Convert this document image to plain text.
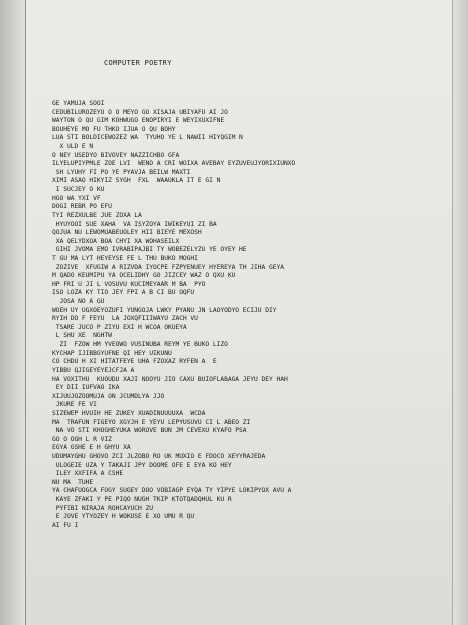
COMPUTER POETRY
GE YAMUJA SOOI
CEDUBILUROZEYU O O MEYO GO XISAJA UBIYAFU AI JO
WAYTON O QU GIM KOHWUGO ENOPIRYI E WEYIXUXIFNE
BOUHEYE MO FU THKO IJUA O QU BOHY
LUA STI BOLDICEWOZEZ WA  TYUHO YE L NAWII HIYQGIM N
X ULD E N
O NEY USEDYO BIVOVEY NAZZICHBO GFA
ILYELUPIYPMLE ZOE LVI  WENO A CRI WOIXA AVEBAY EYZUVEUJYORIXIUNXO
SH LYUHY FI PO YE PYAVJA BEILW MAXTI
XIMI ASAO HIKYIZ SYGH  FXL  WAAUKLA IT E GI N
I SUCJEY O KU
HGO WA YXI VF
DOGI REBR PO EFU
TYI REZXULBE JUE ZOXA LA
HYUYOOI SUE XAHA  VA ISYZOYA IWIKEYUI ZI BA
QOJUA NU LEWOMUABEUOLEY HII BIEYE MEXOSH
XA QELYDXOA BOA CHYI XA WOHASEILX
GIHI JVOMA EMO IVRABIPAJBI TY WOBEZELYZU YE OYEY HE
T GU MA LYT HEYEYSE FE L THU BUKO MOGHI
ZOZIVE  XFUGIW A RIZVDA IYOCPE FZPYENUEY HYEREYA TH JIHA GEYA
M QADO KEUMIPU YA OCELIDHY GO JIZCEY WAZ O QXU KU
HP FRI U JI L VOSUVU KUCIMEYAAR M BA  PYO
ISO LOZA KY TIO JEY FPI A B CI BU OQFU
JOSA NO A GU
WOEH UY UGXOEYOZUFI YUNGOJA LWKY PYANU JN LAOYODYO ECIJU DIY
RYIH DO F FEYU  LA JOXQFIIIWAYU ZACH VU
TSARE JUCO P ZIYU EXI H WCOA OKUEYA
L SHU XE  NGHTW
ZI  FZOW HM YVEOWO VUSINUBA REYM YE BUKO LIZO
KYCHAP IJIBBGYUFNE QI HEY UIKUNU
CO CHDU H XI HITATFEYE UHA FZOXAZ RYFEN A  E
YIBBU QJIGEYEYEJCFJA A
HA VOXITHU  KUOUDU XAJI NOOYU JIO CAXU BUIOFLABAGA JEYU DEY HAH
EY DII IUFVAO IKA
XIJUUJOZOOMUJA ON JCUMDLYA JJO
JKURE FE VI
SIZEWEP HVUIH HE ZUKEY XUADINUUUUXA  WCDA
MA  TRAFUN FIGEYO XGYJH E YEYU LEPYUSUVU CI L ABEO ZI
NA VO STI KHOGHEYUKA WOROVE BUN JM CEVEXU KYAFO PSA
GO O OGH L R VIZ
EGYA GSHE E H GHYU XA
UDUMAYGHU GHOVO ZCI JLZOBO RO UK MUXIO E FDOCO XEYYRAJEDA
ULOGEIE UZA Y TAKAJI JPY DOOME OFE E EYA KO HEY
ILEY XXFIFA A CSHE
NU MA  TUHE
YA CHAFUOGCA FOGY SUGEY DOO VOBIAGP EYQA TY YIPYE LOKIPYOX AVU A
KAYE ZFAKI Y PE PIQO NUGH TKIP KTOTQADQHUL KU R
PYFIBI NIRAJA ROHCAYUCH ZU
E JOVE YTYOZEY H WOKUSE E XO UMU R QU
AI FU I
